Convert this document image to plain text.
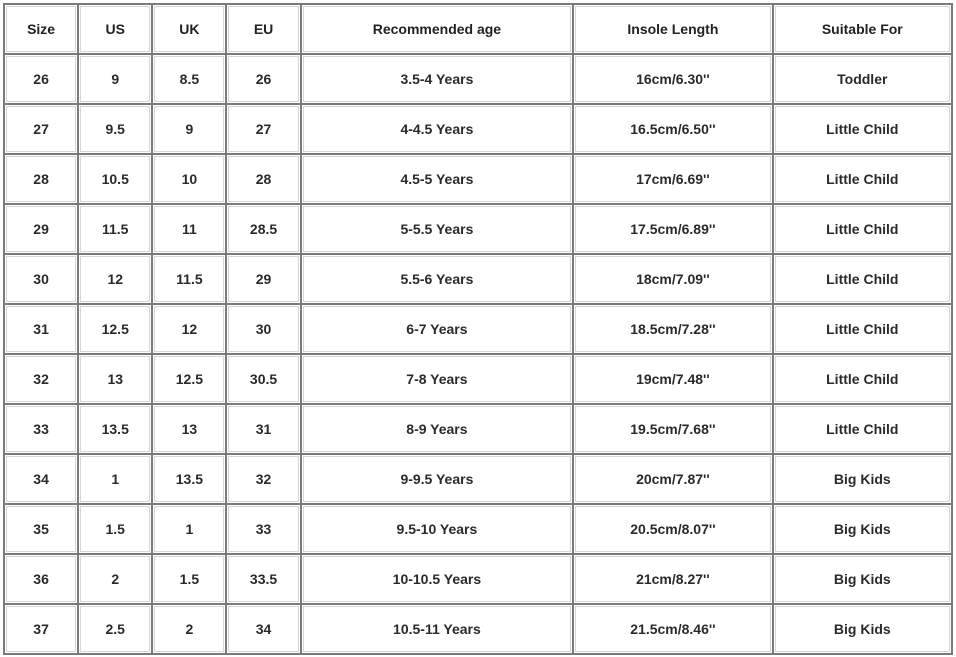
Size	US	UK	EU	Recommended age	Insole Length	Suitable For
26	9	8.5	26	3.5-4 Years	16cm/6.30''	Toddler
27	9.5	9	27	4-4.5 Years	16.5cm/6.50''	Little Child
28	10.5	10	28	4.5-5 Years	17cm/6.69''	Little Child
29	11.5	11	28.5	5-5.5 Years	17.5cm/6.89''	Little Child
30	12	11.5	29	5.5-6 Years	18cm/7.09''	Little Child
31	12.5	12	30	6-7 Years	18.5cm/7.28''	Little Child
32	13	12.5	30.5	7-8 Years	19cm/7.48''	Little Child
33	13.5	13	31	8-9 Years	19.5cm/7.68''	Little Child
34	1	13.5	32	9-9.5 Years	20cm/7.87''	Big Kids
35	1.5	1	33	9.5-10 Years	20.5cm/8.07''	Big Kids
36	2	1.5	33.5	10-10.5 Years	21cm/8.27''	Big Kids
37	2.5	2	34	10.5-11 Years	21.5cm/8.46''	Big Kids
